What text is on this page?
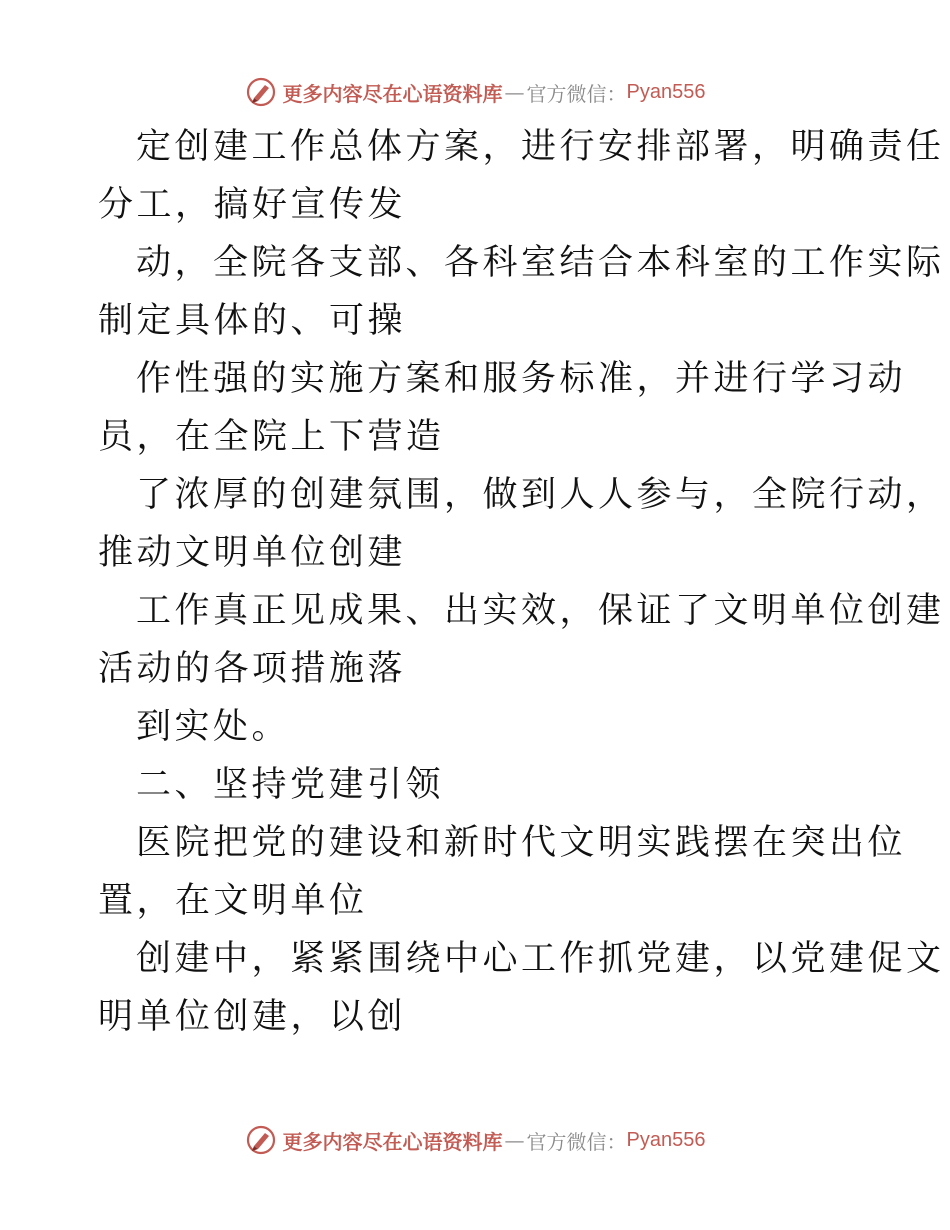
更多内容尽在心语资料库 — 官方微信： Pyan556
定创建工作总体方案，进行安排部署，明确责任
分工，搞好宣传发
动，全院各支部、各科室结合本科室的工作实际
制定具体的、可操
作性强的实施方案和服务标准，并进行学习动
员，在全院上下营造
了浓厚的创建氛围，做到人人参与，全院行动，
推动文明单位创建
工作真正见成果、出实效，保证了文明单位创建
活动的各项措施落
到实处。
二、坚持党建引领
医院把党的建设和新时代文明实践摆在突出位
置，在文明单位
创建中，紧紧围绕中心工作抓党建，以党建促文
明单位创建，以创
更多内容尽在心语资料库 — 官方微信： Pyan556
